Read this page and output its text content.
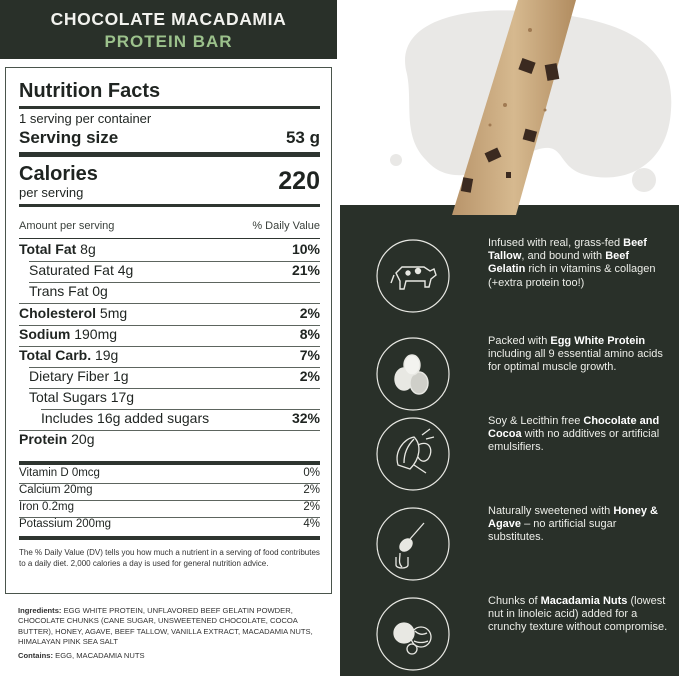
CHOCOLATE MACADAMIA
PROTEIN BAR
Nutrition Facts
1 serving per container
Serving size	53 g
Calories
per serving	220
Amount per serving	% Daily Value
Total Fat 8g	10%
Saturated Fat 4g	21%
Trans Fat 0g
Cholesterol 5mg	2%
Sodium 190mg	8%
Total Carb. 19g	7%
Dietary Fiber 1g	2%
Total Sugars 17g
Includes 16g added sugars	32%
Protein 20g
Vitamin D 0mcg	0%
Calcium 20mg	2%
Iron 0.2mg	2%
Potassium 200mg	4%
The % Daily Value (DV) tells you how much a nutrient in a serving of food contributes to a daily diet. 2,000 calories a day is used for general nutrition advice.
Ingredients: EGG WHITE PROTEIN, UNFLAVORED BEEF GELATIN POWDER, CHOCOLATE CHUNKS (CANE SUGAR, UNSWEETENED CHOCOLATE, COCOA BUTTER), HONEY, AGAVE, BEEF TALLOW, VANILLA EXTRACT, MACADAMIA NUTS, HIMALAYAN PINK SEA SALT
Contains: EGG, MACADAMIA NUTS
Infused with real, grass-fed Beef Tallow, and bound with Beef Gelatin rich in vitamins & collagen (+extra protein too!)
Packed with Egg White Protein including all 9 essential amino acids for optimal muscle growth.
Soy & Lecithin free Chocolate and Cocoa with no additives or artificial emulsifiers.
Naturally sweetened with Honey & Agave – no artificial sugar substitutes.
Chunks of Macadamia Nuts (lowest nut in linoleic acid) added for a crunchy texture without compromise.
